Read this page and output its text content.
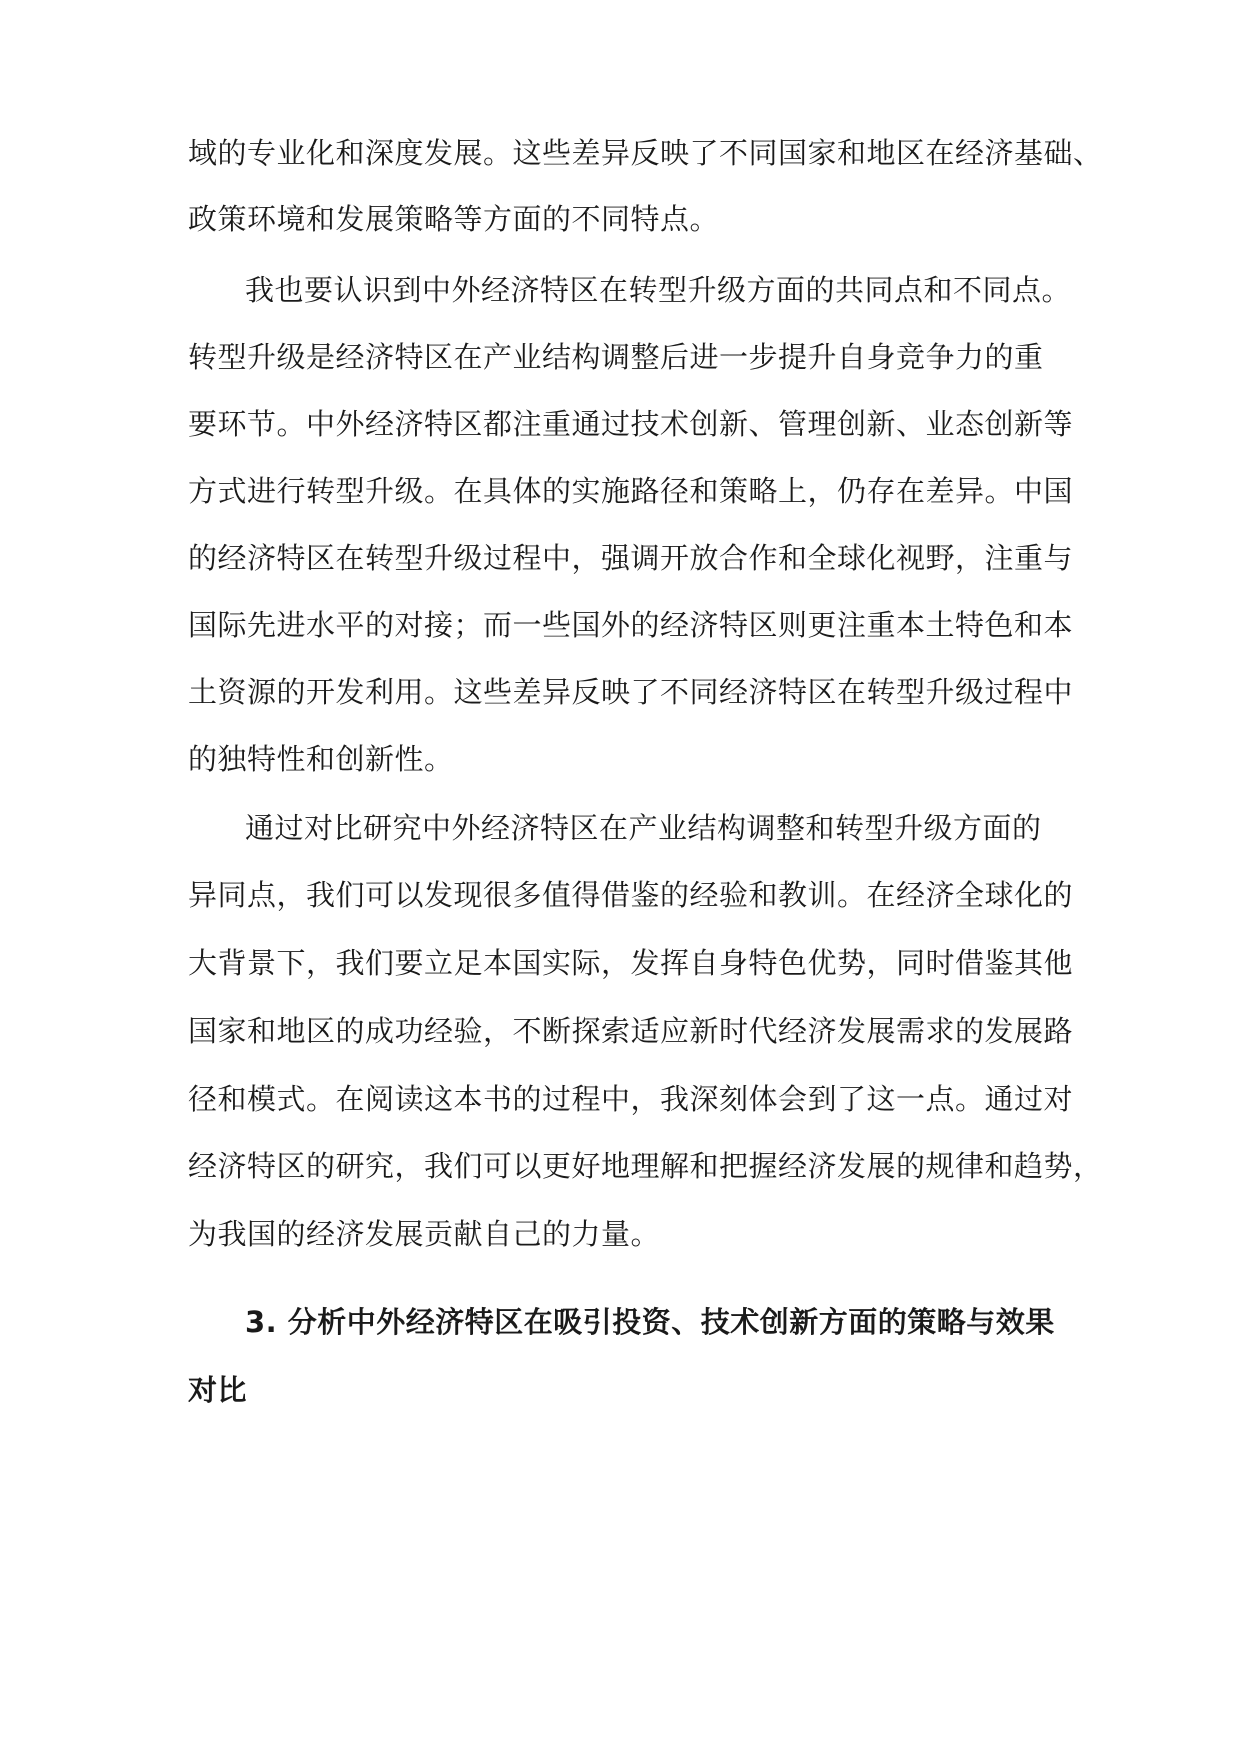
域的专业化和深度发展。这些差异反映了不同国家和地区在经济基础、
政策环境和发展策略等方面的不同特点。
我也要认识到中外经济特区在转型升级方面的共同点和不同点。
转型升级是经济特区在产业结构调整后进一步提升自身竞争力的重
要环节。中外经济特区都注重通过技术创新、管理创新、业态创新等
方式进行转型升级。在具体的实施路径和策略上，仍存在差异。中国
的经济特区在转型升级过程中，强调开放合作和全球化视野，注重与
国际先进水平的对接；而一些国外的经济特区则更注重本土特色和本
土资源的开发利用。这些差异反映了不同经济特区在转型升级过程中
的独特性和创新性。
通过对比研究中外经济特区在产业结构调整和转型升级方面的
异同点，我们可以发现很多值得借鉴的经验和教训。在经济全球化的
大背景下，我们要立足本国实际，发挥自身特色优势，同时借鉴其他
国家和地区的成功经验，不断探索适应新时代经济发展需求的发展路
径和模式。在阅读这本书的过程中，我深刻体会到了这一点。通过对
经济特区的研究，我们可以更好地理解和把握经济发展的规律和趋势，
为我国的经济发展贡献自己的力量。
3. 分析中外经济特区在吸引投资、技术创新方面的策略与效果
对比
